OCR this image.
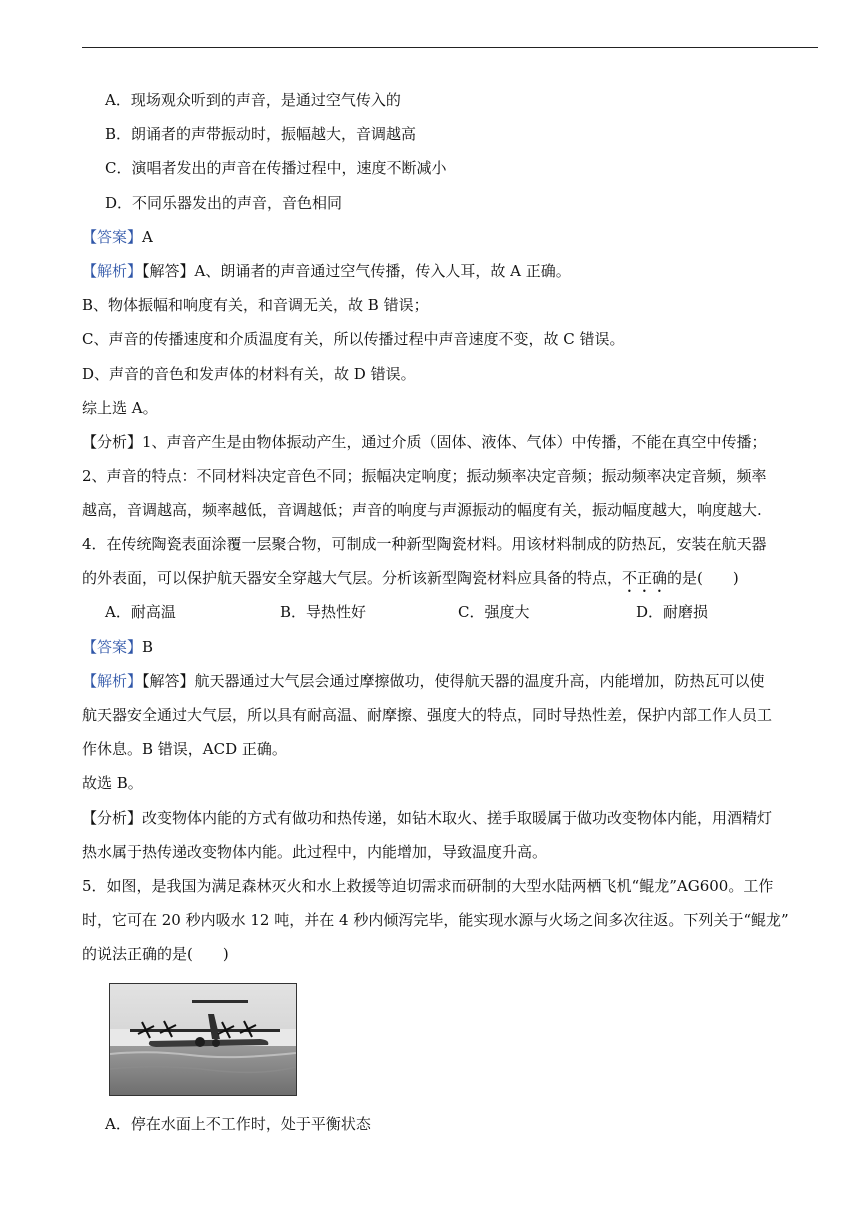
A．现场观众听到的声音，是通过空气传入的
B．朗诵者的声带振动时，振幅越大，音调越高
C．演唱者发出的声音在传播过程中，速度不断减小
D．不同乐器发出的声音，音色相同
【答案】A
【解析】【解答】A、朗诵者的声音通过空气传播，传入人耳，故 A 正确。
B、物体振幅和响度有关，和音调无关，故 B 错误；
C、声音的传播速度和介质温度有关，所以传播过程中声音速度不变，故 C 错误。
D、声音的音色和发声体的材料有关，故 D 错误。
综上选 A。
【分析】1、声音产生是由物体振动产生，通过介质（固体、液体、气体）中传播，不能在真空中传播；
2、声音的特点：不同材料决定音色不同；振幅决定响度；振动频率决定音频；振动频率决定音频，频率
越高，音调越高，频率越低，音调越低；声音的响度与声源振动的幅度有关，振动幅度越大，响度越大.
4．在传统陶瓷表面涂覆一层聚合物，可制成一种新型陶瓷材料。用该材料制成的防热瓦，安装在航天器
的外表面，可以保护航天器安全穿越大气层。分析该新型陶瓷材料应具备的特点，不正确的是(　　)
A．耐高温	B．导热性好	C．强度大	D．耐磨损
【答案】B
【解析】【解答】航天器通过大气层会通过摩擦做功，使得航天器的温度升高，内能增加，防热瓦可以使
航天器安全通过大气层，所以具有耐高温、耐摩擦、强度大的特点，同时导热性差，保护内部工作人员工
作休息。B 错误，ACD 正确。
故选 B。
【分析】改变物体内能的方式有做功和热传递，如钻木取火、搓手取暖属于做功改变物体内能，用酒精灯
热水属于热传递改变物体内能。此过程中，内能增加，导致温度升高。
5．如图，是我国为满足森林灭火和水上救援等迫切需求而研制的大型水陆两栖飞机“鲲龙”AG600。工作
时，它可在 20 秒内吸水 12 吨，并在 4 秒内倾泻完毕，能实现水源与火场之间多次往返。下列关于“鲲龙”
的说法正确的是(　　)
A．停在水面上不工作时，处于平衡状态
